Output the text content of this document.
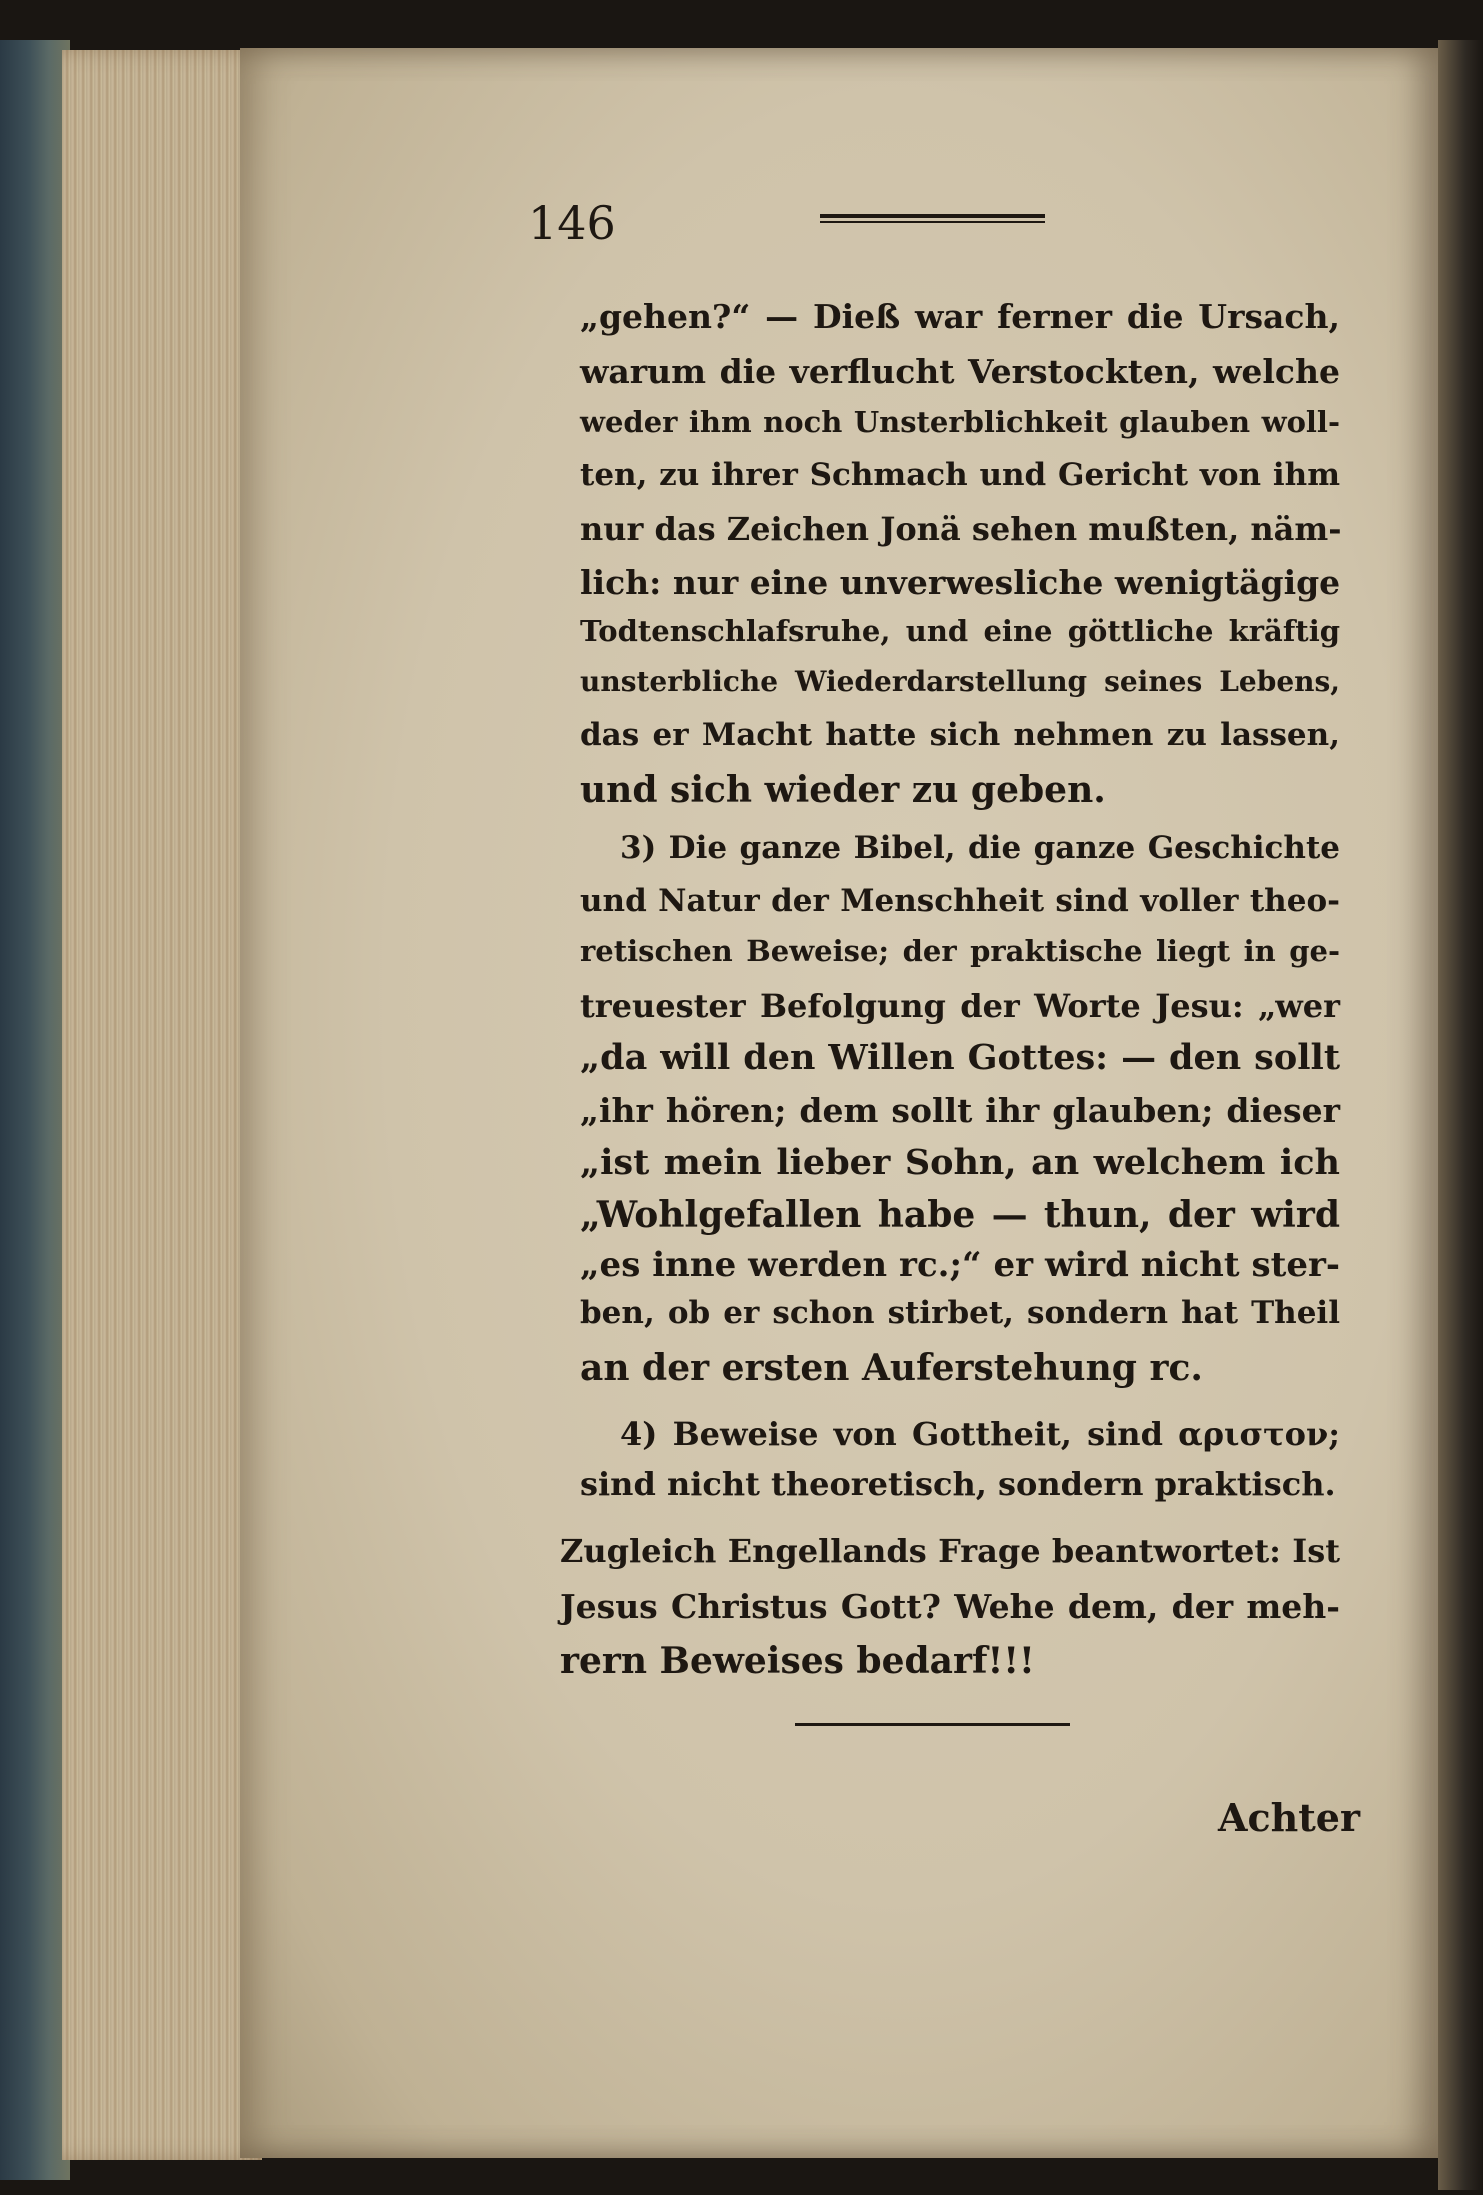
146
„gehen?“ — Dieß war ferner die Ursach,
warum die verflucht Verstockten, welche
weder ihm noch Unsterblichkeit glauben woll-
ten, zu ihrer Schmach und Gericht von ihm
nur das Zeichen Jonä sehen mußten, näm-
lich: nur eine unverwesliche wenigtägige
Todtenschlafsruhe, und eine göttliche kräftig
unsterbliche Wiederdarstellung seines Lebens,
das er Macht hatte sich nehmen zu lassen,
und sich wieder zu geben.
3) Die ganze Bibel, die ganze Geschichte
und Natur der Menschheit sind voller theo-
retischen Beweise; der praktische liegt in ge-
treuester Befolgung der Worte Jesu: „wer
„da will den Willen Gottes: — den sollt
„ihr hören; dem sollt ihr glauben; dieser
„ist mein lieber Sohn, an welchem ich
„Wohlgefallen habe — thun, der wird
„es inne werden rc.;“ er wird nicht ster-
ben, ob er schon stirbet, sondern hat Theil
an der ersten Auferstehung rc.
4) Beweise von Gottheit, sind αριστον;
sind nicht theoretisch, sondern praktisch.
Zugleich Engellands Frage beantwortet: Ist
Jesus Christus Gott? Wehe dem, der meh-
rern Beweises bedarf!!!
Achter
